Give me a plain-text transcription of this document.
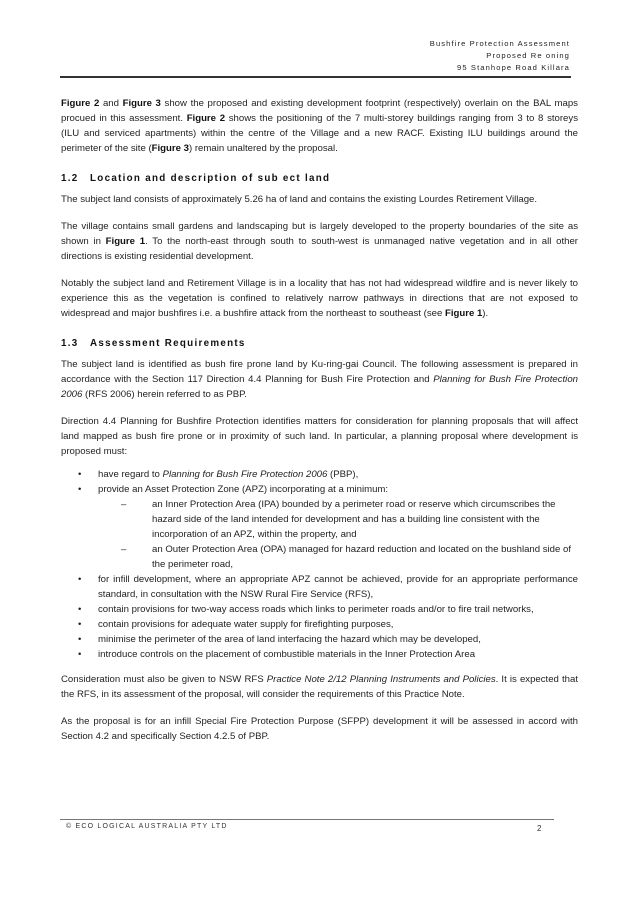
Bushfire Protection Assessment
Proposed Re oning
95 Stanhope Road Killara

Figure 2 and Figure 3 show the proposed and existing development footprint (respectively) overlain on the BAL maps procued in this assessment. Figure 2 shows the positioning of the 7 multi-storey buildings ranging from 3 to 8 storeys (ILU and serviced apartments) within the centre of the Village and a new RACF. Existing ILU buildings around the perimeter of the site (Figure 3) remain unaltered by the proposal.

1.2 Location and description of sub ect land

The subject land consists of approximately 5.26 ha of land and contains the existing Lourdes Retirement Village.

The village contains small gardens and landscaping but is largely developed to the property boundaries of the site as shown in Figure 1. To the north-east through south to south-west is unmanaged native vegetation and in all other directions is existing residential development.

Notably the subject land and Retirement Village is in a locality that has not had widespread wildfire and is never likely to experience this as the vegetation is confined to relatively narrow pathways in directions that are not exposed to widespread and major bushfires i.e. a bushfire attack from the northeast to southeast (see Figure 1).

1.3 Assessment Requirements

The subject land is identified as bush fire prone land by Ku-ring-gai Council. The following assessment is prepared in accordance with the Section 117 Direction 4.4 Planning for Bush Fire Protection and Planning for Bush Fire Protection 2006 (RFS 2006) herein referred to as PBP.

Direction 4.4 Planning for Bushfire Protection identifies matters for consideration for planning proposals that will affect land mapped as bush fire prone or in proximity of such land. In particular, a planning proposal where development is proposed must:

• have regard to Planning for Bush Fire Protection 2006 (PBP),
• provide an Asset Protection Zone (APZ) incorporating at a minimum:
–	an Inner Protection Area (IPA) bounded by a perimeter road or reserve which circumscribes the hazard side of the land intended for development and has a building line consistent with the incorporation of an APZ, within the property, and
–	an Outer Protection Area (OPA) managed for hazard reduction and located on the bushland side of the perimeter road,
• for infill development, where an appropriate APZ cannot be achieved, provide for an appropriate performance standard, in consultation with the NSW Rural Fire Service (RFS),
• contain provisions for two-way access roads which links to perimeter roads and/or to fire trail networks,
• contain provisions for adequate water supply for firefighting purposes,
• minimise the perimeter of the area of land interfacing the hazard which may be developed,
• introduce controls on the placement of combustible materials in the Inner Protection Area

Consideration must also be given to NSW RFS Practice Note 2/12 Planning Instruments and Policies. It is expected that the RFS, in its assessment of the proposal, will consider the requirements of this Practice Note.

As the proposal is for an infill Special Fire Protection Purpose (SFPP) development it will be assessed in accord with Section 4.2 and specifically Section 4.2.5 of PBP.

© ECO LOGICAL AUSTRALIA PTY LTD	2
